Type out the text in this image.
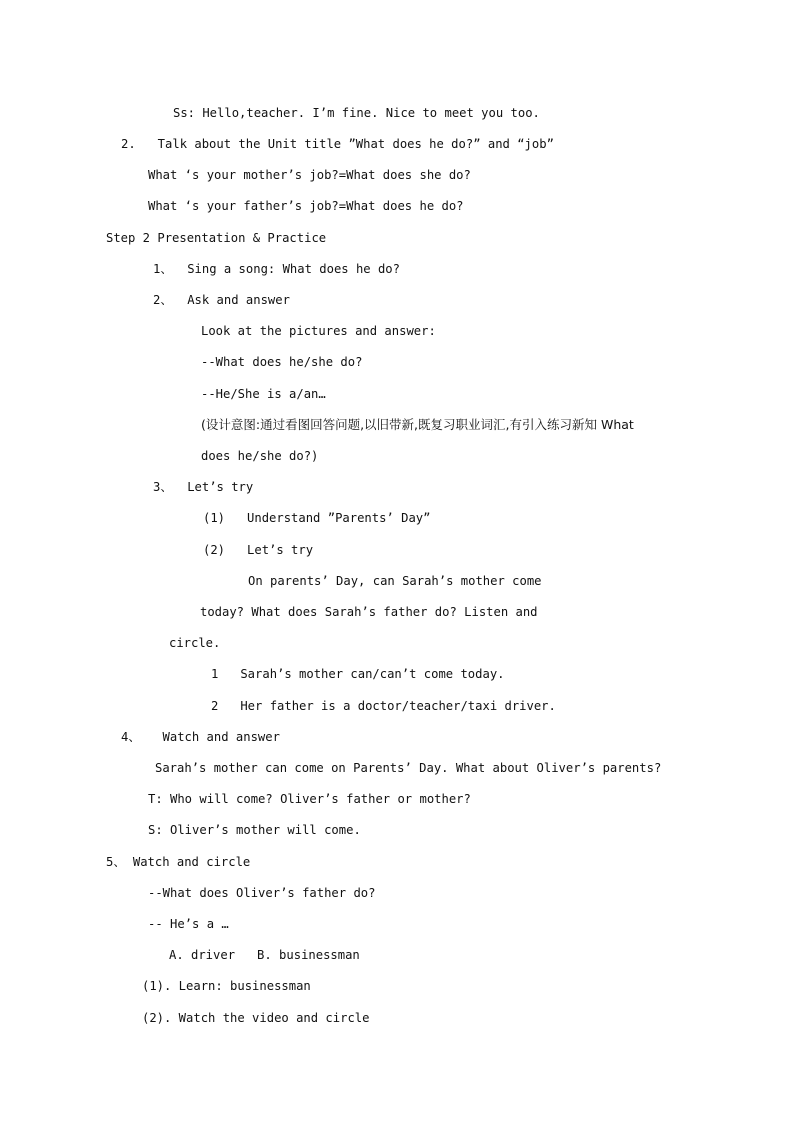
Ss: Hello,teacher. I’m fine. Nice to meet you too.
2.   Talk about the Unit title ”What does he do?” and “job”
What ‘s your mother’s job?=What does she do?
What ‘s your father’s job?=What does he do?
Step 2 Presentation & Practice
1、  Sing a song: What does he do?
2、  Ask and answer
Look at the pictures and answer:
--What does he/she do?
--He/She is a/an…
(设计意图:通过看图回答问题,以旧带新,既复习职业词汇,有引入练习新知 What
does he/she do?)
3、  Let’s try
(1)   Understand ”Parents’ Day”
(2)   Let’s try
On parents’ Day, can Sarah’s mother come
today? What does Sarah’s father do? Listen and
circle.
1   Sarah’s mother can/can’t come today.
2   Her father is a doctor/teacher/taxi driver.
4、   Watch and answer
Sarah’s mother can come on Parents’ Day. What about Oliver’s parents?
T: Who will come? Oliver’s father or mother?
S: Oliver’s mother will come.
5、 Watch and circle
--What does Oliver’s father do?
-- He’s a …
A. driver   B. businessman
(1). Learn: businessman
(2). Watch the video and circle
